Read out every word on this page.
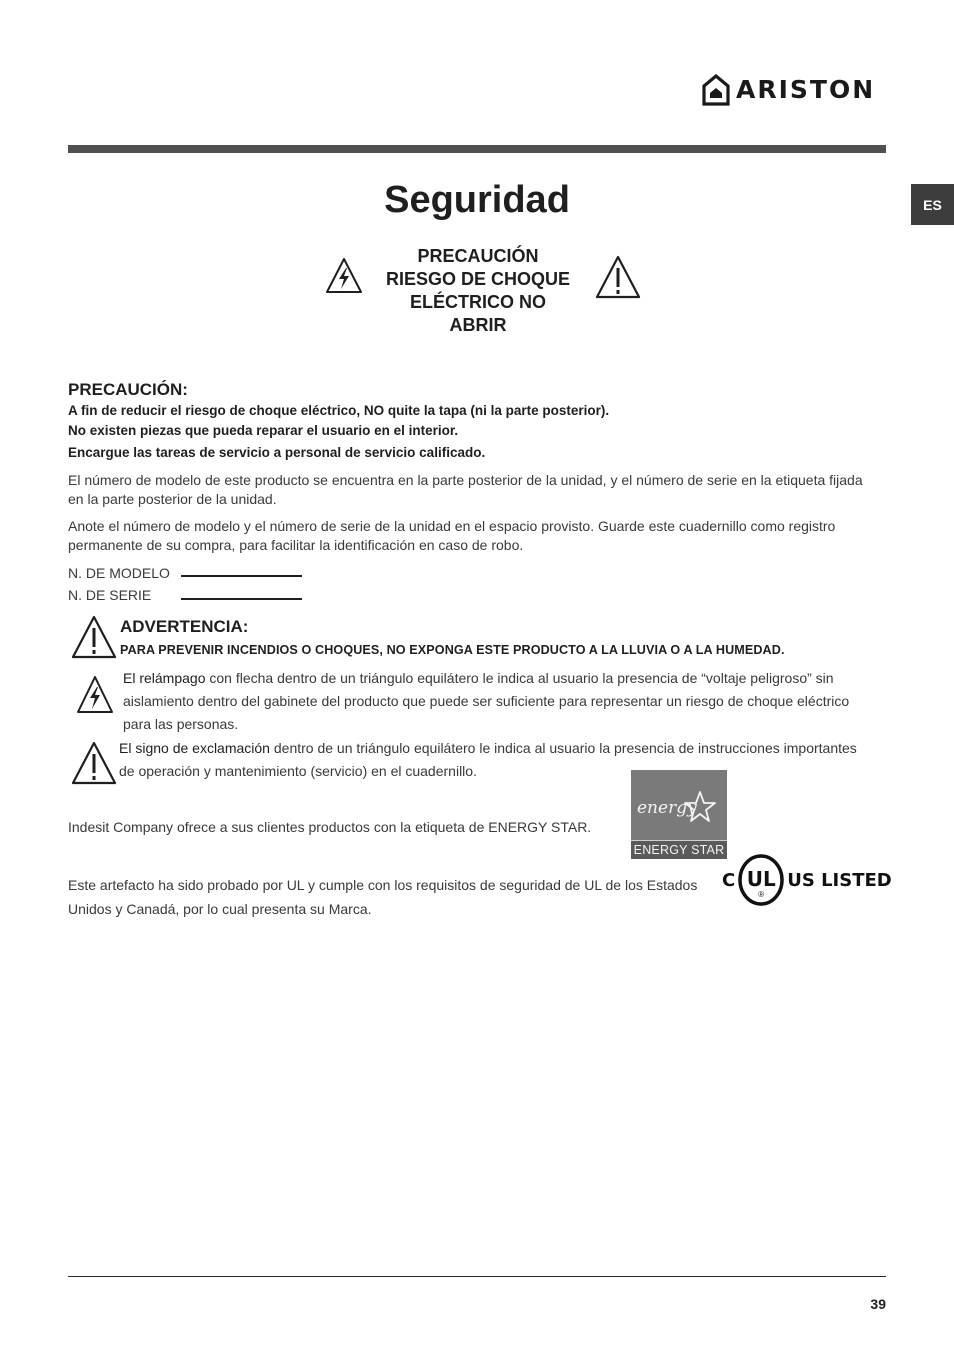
ARISTON
ES
Seguridad
PRECAUCIÓN
RIESGO DE CHOQUE
ELÉCTRICO NO
ABRIR
PRECAUCIÓN:
A fin de reducir el riesgo de choque eléctrico, NO quite la tapa (ni la parte posterior).
No existen piezas que pueda reparar el usuario en el interior.
Encargue las tareas de servicio a personal de servicio calificado.
El número de modelo de este producto se encuentra en la parte posterior de la unidad, y el número de serie en la etiqueta fijada en la parte posterior de la unidad.
Anote el número de modelo y el número de serie de la unidad en el espacio provisto. Guarde este cuadernillo como registro permanente de su compra, para facilitar la identificación en caso de robo.
N. DE MODELO
N. DE SERIE
ADVERTENCIA:
PARA PREVENIR INCENDIOS O CHOQUES, NO EXPONGA ESTE PRODUCTO A LA LLUVIA O A LA HUMEDAD.
El relámpago con flecha dentro de un triángulo equilátero le indica al usuario la presencia de “voltaje peligroso” sin aislamiento dentro del gabinete del producto que puede ser suficiente para representar un riesgo de choque eléctrico para las personas.
El signo de exclamación dentro de un triángulo equilátero le indica al usuario la presencia de instrucciones importantes de operación y mantenimiento (servicio) en el cuadernillo.
Indesit Company ofrece a sus clientes productos con la etiqueta de ENERGY STAR.
energy
ENERGY STAR
Este artefacto ha sido probado por UL y cumple con los requisitos de seguridad de UL de los Estados Unidos y Canadá, por lo cual presenta su Marca.
C UL
®
US LISTED
39
